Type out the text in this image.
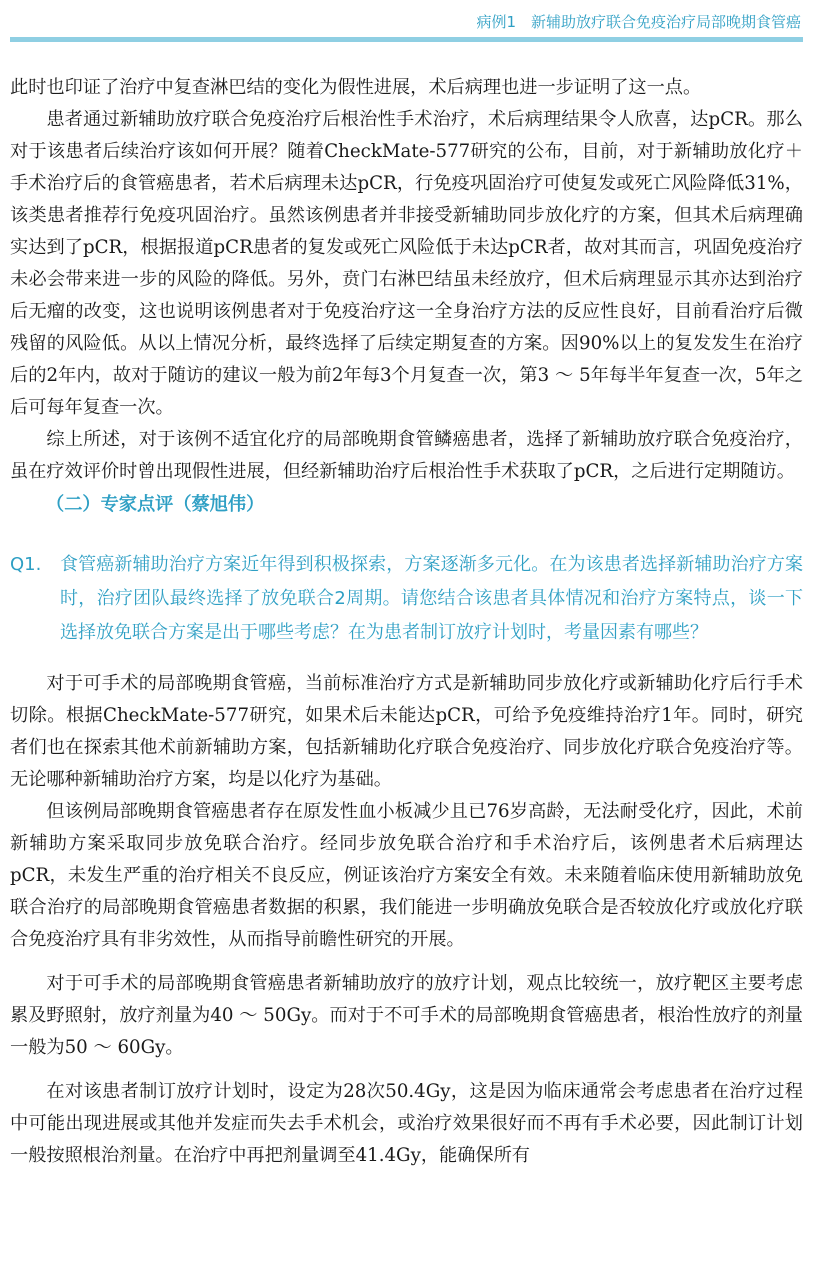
病例1　新辅助放疗联合免疫治疗局部晚期食管癌

此时也印证了治疗中复查淋巴结的变化为假性进展，术后病理也进一步证明了这一点。

患者通过新辅助放疗联合免疫治疗后根治性手术治疗，术后病理结果令人欣喜，达pCR。那么对于该患者后续治疗该如何开展？随着CheckMate-577研究的公布，目前，对于新辅助放化疗＋手术治疗后的食管癌患者，若术后病理未达pCR，行免疫巩固治疗可使复发或死亡风险降低31%，该类患者推荐行免疫巩固治疗。虽然该例患者并非接受新辅助同步放化疗的方案，但其术后病理确实达到了pCR，根据报道pCR患者的复发或死亡风险低于未达pCR者，故对其而言，巩固免疫治疗未必会带来进一步的风险的降低。另外，贲门右淋巴结虽未经放疗，但术后病理显示其亦达到治疗后无瘤的改变，这也说明该例患者对于免疫治疗这一全身治疗方法的反应性良好，目前看治疗后微残留的风险低。从以上情况分析，最终选择了后续定期复查的方案。因90%以上的复发发生在治疗后的2年内，故对于随访的建议一般为前2年每3个月复查一次，第3 ～ 5年每半年复查一次，5年之后可每年复查一次。

综上所述，对于该例不适宜化疗的局部晚期食管鳞癌患者，选择了新辅助放疗联合免疫治疗，虽在疗效评价时曾出现假性进展，但经新辅助治疗后根治性手术获取了pCR，之后进行定期随访。

（二）专家点评（蔡旭伟）
Q1. 食管癌新辅助治疗方案近年得到积极探索，方案逐渐多元化。在为该患者选择新辅助治疗方案时，治疗团队最终选择了放免联合2周期。请您结合该患者具体情况和治疗方案特点，谈一下选择放免联合方案是出于哪些考虑？在为患者制订放疗计划时，考量因素有哪些？

对于可手术的局部晚期食管癌，当前标准治疗方式是新辅助同步放化疗或新辅助化疗后行手术切除。根据CheckMate-577研究，如果术后未能达pCR，可给予免疫维持治疗1年。同时，研究者们也在探索其他术前新辅助方案，包括新辅助化疗联合免疫治疗、同步放化疗联合免疫治疗等。无论哪种新辅助治疗方案，均是以化疗为基础。

但该例局部晚期食管癌患者存在原发性血小板减少且已76岁高龄，无法耐受化疗，因此，术前新辅助方案采取同步放免联合治疗。经同步放免联合治疗和手术治疗后，该例患者术后病理达pCR，未发生严重的治疗相关不良反应，例证该治疗方案安全有效。未来随着临床使用新辅助放免联合治疗的局部晚期食管癌患者数据的积累，我们能进一步明确放免联合是否较放化疗或放化疗联合免疫治疗具有非劣效性，从而指导前瞻性研究的开展。

对于可手术的局部晚期食管癌患者新辅助放疗的放疗计划，观点比较统一，放疗靶区主要考虑累及野照射，放疗剂量为40 ～ 50Gy。而对于不可手术的局部晚期食管癌患者，根治性放疗的剂量一般为50 ～ 60Gy。

在对该患者制订放疗计划时，设定为28次50.4Gy，这是因为临床通常会考虑患者在治疗过程中可能出现进展或其他并发症而失去手术机会，或治疗效果很好而不再有手术必要，因此制订计划一般按照根治剂量。在治疗中再把剂量调至41.4Gy，能确保所有
